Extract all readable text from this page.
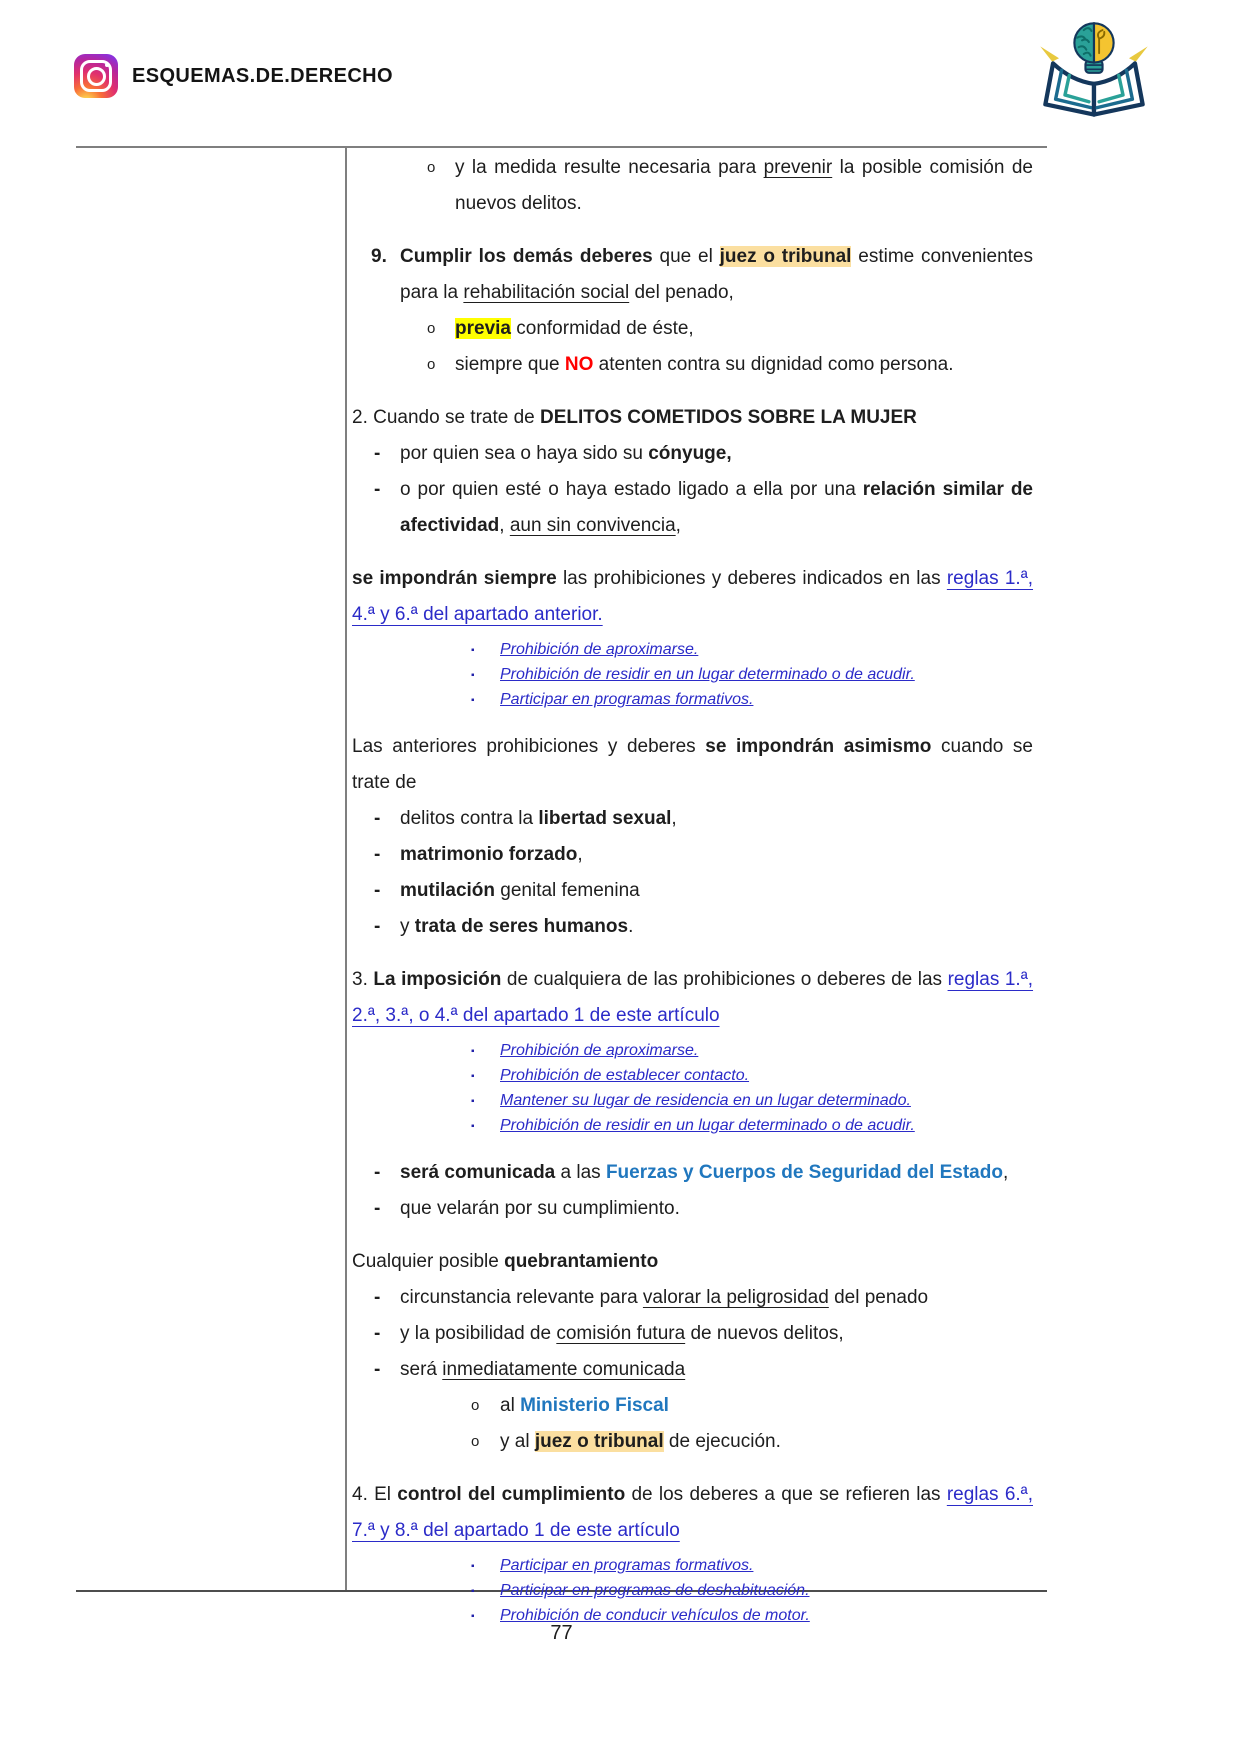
ESQUEMAS.DE.DERECHO
o y la medida resulte necesaria para prevenir la posible comisión de nuevos delitos.
9. Cumplir los demás deberes que el juez o tribunal estime convenientes para la rehabilitación social del penado,
o previa conformidad de éste,
o siempre que NO atenten contra su dignidad como persona.
2. Cuando se trate de DELITOS COMETIDOS SOBRE LA MUJER
- por quien sea o haya sido su cónyuge,
- o por quien esté o haya estado ligado a ella por una relación similar de afectividad, aun sin convivencia,
se impondrán siempre las prohibiciones y deberes indicados en las reglas 1.ª, 4.ª y 6.ª del apartado anterior.
▪ Prohibición de aproximarse.
▪ Prohibición de residir en un lugar determinado o de acudir.
▪ Participar en programas formativos.
Las anteriores prohibiciones y deberes se impondrán asimismo cuando se trate de
- delitos contra la libertad sexual,
- matrimonio forzado,
- mutilación genital femenina
- y trata de seres humanos.
3. La imposición de cualquiera de las prohibiciones o deberes de las reglas 1.ª, 2.ª, 3.ª, o 4.ª del apartado 1 de este artículo
▪ Prohibición de aproximarse.
▪ Prohibición de establecer contacto.
▪ Mantener su lugar de residencia en un lugar determinado.
▪ Prohibición de residir en un lugar determinado o de acudir.
- será comunicada a las Fuerzas y Cuerpos de Seguridad del Estado,
- que velarán por su cumplimiento.
Cualquier posible quebrantamiento
- circunstancia relevante para valorar la peligrosidad del penado
- y la posibilidad de comisión futura de nuevos delitos,
- será inmediatamente comunicada
o al Ministerio Fiscal
o y al juez o tribunal de ejecución.
4. El control del cumplimiento de los deberes a que se refieren las reglas 6.ª, 7.ª y 8.ª del apartado 1 de este artículo
▪ Participar en programas formativos.
▪ Participar en programas de deshabituación.
▪ Prohibición de conducir vehículos de motor.
77
